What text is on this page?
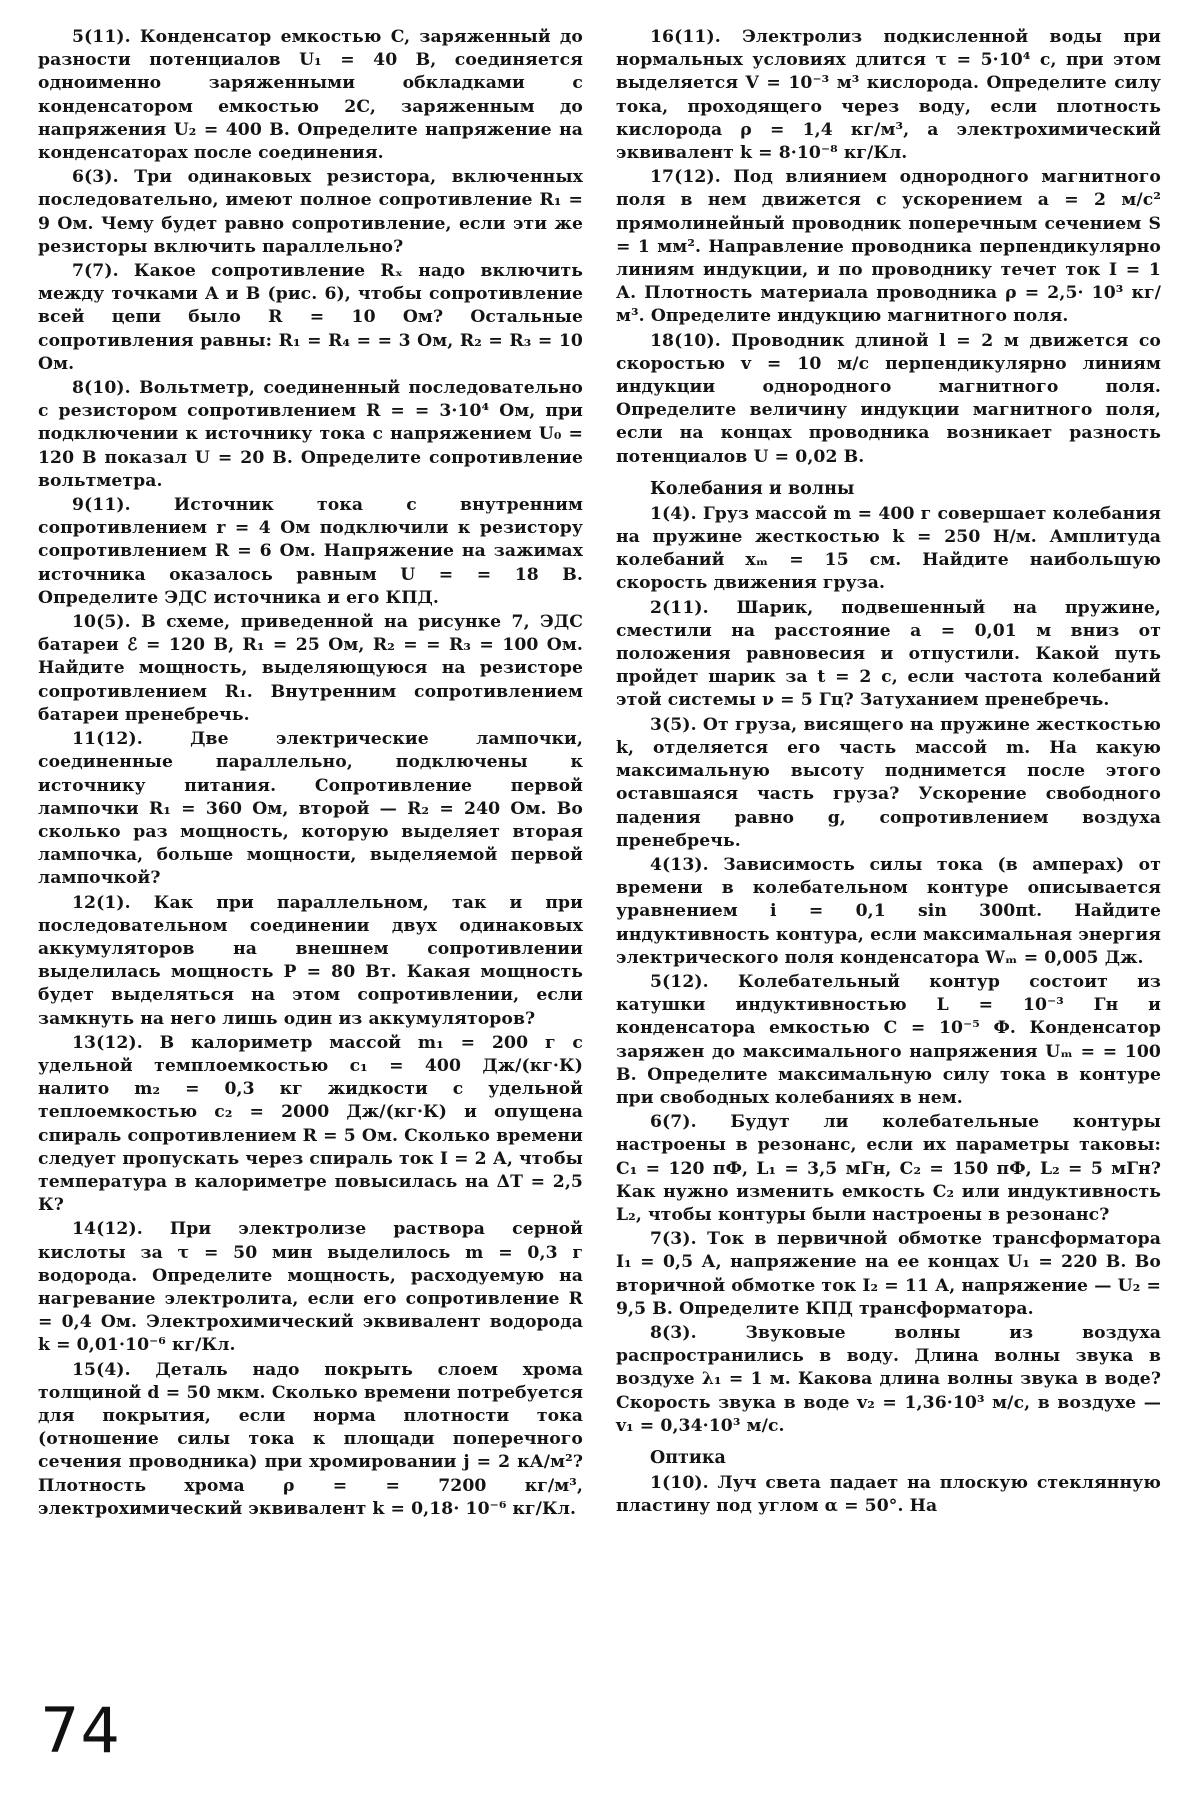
5(11). Конденсатор емкостью C, заряженный до разности потенциалов U₁ = 40 В, соединяется одноименно заряженными обкладками с конденсатором емкостью 2C, заряженным до напряжения U₂ = 400 В. Определите напряжение на конденсаторах после соединения.

6(3). Три одинаковых резистора, включенных последовательно, имеют полное сопротивление R₁ = 9 Ом. Чему будет равно сопротивление, если эти же резисторы включить параллельно?

7(7). Какое сопротивление Rₓ надо включить между точками A и B (рис. 6), чтобы сопротивление всей цепи было R = 10 Ом? Остальные сопротивления равны: R₁ = R₄ = = 3 Ом, R₂ = R₃ = 10 Ом.

8(10). Вольтметр, соединенный последовательно с резистором сопротивлением R = = 3·10⁴ Ом, при подключении к источнику тока с напряжением U₀ = 120 В показал U = 20 В. Определите сопротивление вольтметра.

9(11). Источник тока с внутренним сопротивлением r = 4 Ом подключили к резистору сопротивлением R = 6 Ом. Напряжение на зажимах источника оказалось равным U = = 18 В. Определите ЭДС источника и его КПД.

10(5). В схеме, приведенной на рисунке 7, ЭДС батареи ℰ = 120 В, R₁ = 25 Ом, R₂ = = R₃ = 100 Ом. Найдите мощность, выделяющуюся на резисторе сопротивлением R₁. Внутренним сопротивлением батареи пренебречь.

11(12). Две электрические лампочки, соединенные параллельно, подключены к источнику питания. Сопротивление первой лампочки R₁ = 360 Ом, второй — R₂ = 240 Ом. Во сколько раз мощность, которую выделяет вторая лампочка, больше мощности, выделяемой первой лампочкой?

12(1). Как при параллельном, так и при последовательном соединении двух одинаковых аккумуляторов на внешнем сопротивлении выделилась мощность P = 80 Вт. Какая мощность будет выделяться на этом сопротивлении, если замкнуть на него лишь один из аккумуляторов?

13(12). В калориметр массой m₁ = 200 г с удельной темплоемкостью c₁ = 400 Дж/(кг·К) налито m₂ = 0,3 кг жидкости с удельной теплоемкостью c₂ = 2000 Дж/(кг·К) и опущена спираль сопротивлением R = 5 Ом. Сколько времени следует пропускать через спираль ток I = 2 А, чтобы температура в калориметре повысилась на ΔT = 2,5 К?

14(12). При электролизе раствора серной кислоты за τ = 50 мин выделилось m = 0,3 г водорода. Определите мощность, расходуемую на нагревание электролита, если его сопротивление R = 0,4 Ом. Электрохимический эквивалент водорода k = 0,01·10⁻⁶ кг/Кл.

15(4). Деталь надо покрыть слоем хрома толщиной d = 50 мкм. Сколько времени потребуется для покрытия, если норма плотности тока (отношение силы тока к площади поперечного сечения проводника) при хромировании j = 2 кА/м²? Плотность хрома ρ = = 7200 кг/м³, электрохимический эквивалент k = 0,18· 10⁻⁶ кг/Кл.

16(11). Электролиз подкисленной воды при нормальных условиях длится τ = 5·10⁴ с, при этом выделяется V = 10⁻³ м³ кислорода. Определите силу тока, проходящего через воду, если плотность кислорода ρ = 1,4 кг/м³, а электрохимический эквивалент k = 8·10⁻⁸ кг/Кл.

17(12). Под влиянием однородного магнитного поля в нем движется с ускорением a = 2 м/с² прямолинейный проводник поперечным сечением S = 1 мм². Направление проводника перпендикулярно линиям индукции, и по проводнику течет ток I = 1 А. Плотность материала проводника ρ = 2,5· 10³ кг/м³. Определите индукцию магнитного поля.

18(10). Проводник длиной l = 2 м движется со скоростью v = 10 м/с перпендикулярно линиям индукции однородного магнитного поля. Определите величину индукции магнитного поля, если на концах проводника возникает разность потенциалов U = 0,02 В.

Колебания и волны

1(4). Груз массой m = 400 г совершает колебания на пружине жесткостью k = 250 Н/м. Амплитуда колебаний xₘ = 15 см. Найдите наибольшую скорость движения груза.

2(11). Шарик, подвешенный на пружине, сместили на расстояние a = 0,01 м вниз от положения равновесия и отпустили. Какой путь пройдет шарик за t = 2 с, если частота колебаний этой системы ν = 5 Гц? Затуханием пренебречь.

3(5). От груза, висящего на пружине жесткостью k, отделяется его часть массой m. На какую максимальную высоту поднимется после этого оставшаяся часть груза? Ускорение свободного падения равно g, сопротивлением воздуха пренебречь.

4(13). Зависимость силы тока (в амперах) от времени в колебательном контуре описывается уравнением i = 0,1 sin 300πt. Найдите индуктивность контура, если максимальная энергия электрического поля конденсатора Wₘ = 0,005 Дж.

5(12). Колебательный контур состоит из катушки индуктивностью L = 10⁻³ Гн и конденсатора емкостью C = 10⁻⁵ Ф. Конденсатор заряжен до максимального напряжения Uₘ = = 100 В. Определите максимальную силу тока в контуре при свободных колебаниях в нем.

6(7). Будут ли колебательные контуры настроены в резонанс, если их параметры таковы: C₁ = 120 пФ, L₁ = 3,5 мГн, C₂ = 150 пФ, L₂ = 5 мГн? Как нужно изменить емкость C₂ или индуктивность L₂, чтобы контуры были настроены в резонанс?

7(3). Ток в первичной обмотке трансформатора I₁ = 0,5 А, напряжение на ее концах U₁ = 220 В. Во вторичной обмотке ток I₂ = 11 А, напряжение — U₂ = 9,5 В. Определите КПД трансформатора.

8(3). Звуковые волны из воздуха распространились в воду. Длина волны звука в воздухе λ₁ = 1 м. Какова длина волны звука в воде? Скорость звука в воде v₂ = 1,36·10³ м/с, в воздухе — v₁ = 0,34·10³ м/с.

Оптика

1(10). Луч света падает на плоскую стеклянную пластину под углом α = 50°. На

74
